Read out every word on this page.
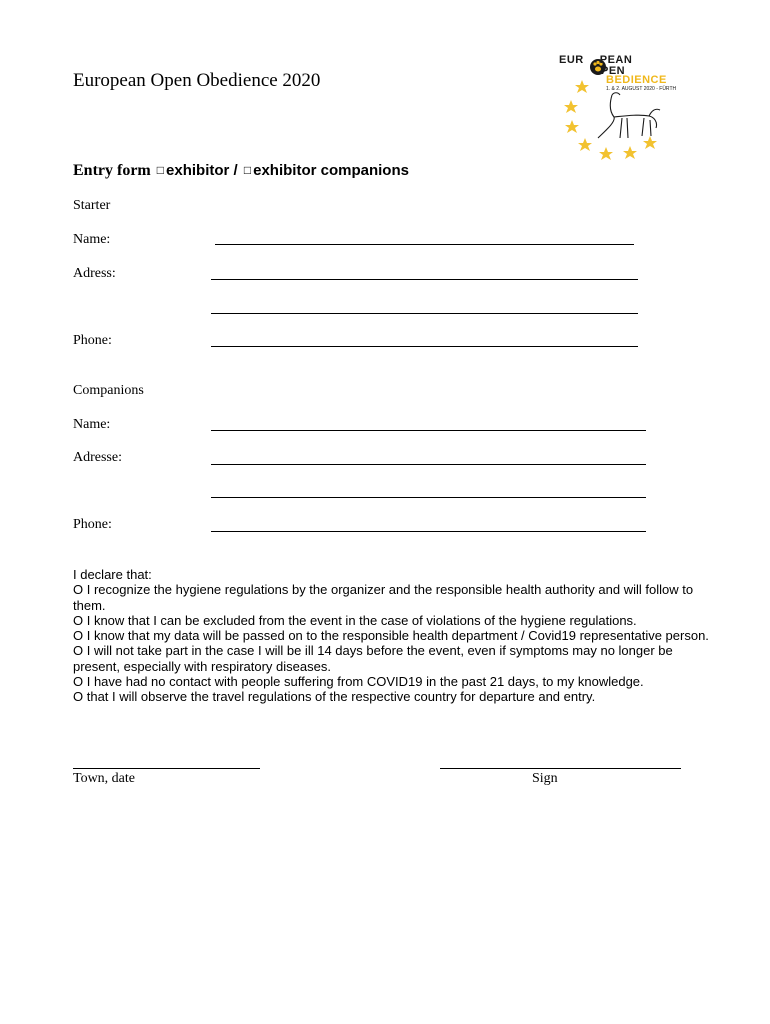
European Open Obedience 2020
EUR PEAN
PEN
BEDIENCE
1. & 2. AUGUST 2020 - FÜRTH
Entry form □ exhibitor / □ exhibitor companions
Starter
Name:
Adress:
Phone:
Companions
Name:
Adresse:
Phone:
I declare that:
O I recognize the hygiene regulations by the organizer and the responsible health authority and will follow to them.
O I know that I can be excluded from the event in the case of violations of the hygiene regulations.
O I know that my data will be passed on to the responsible health department / Covid19 representative person.
O I will not take part in the case I will be ill 14 days before the event, even if symptoms may no longer be present, especially with respiratory diseases.
O I have had no contact with people suffering from COVID19 in the past 21 days, to my knowledge.
O that I will observe the travel regulations of the respective country for departure and entry.
Town, date	Sign
